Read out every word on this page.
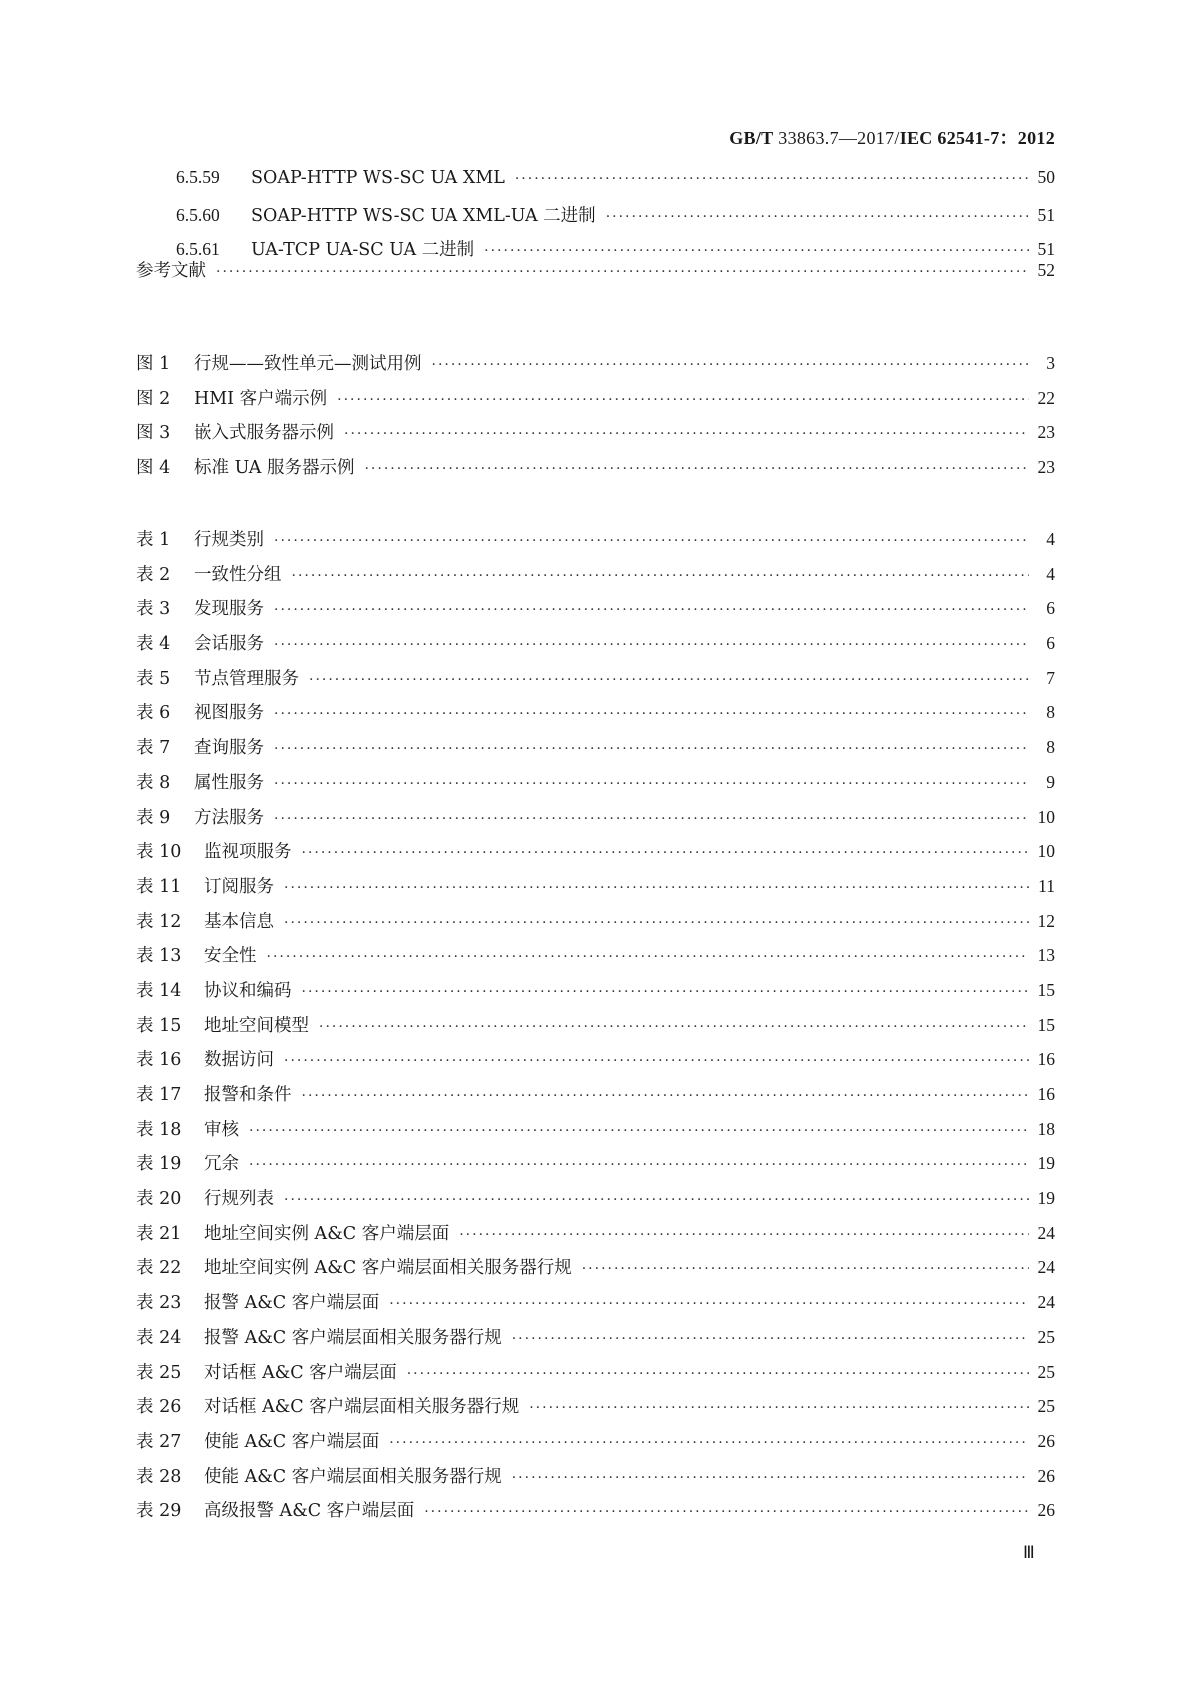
GB/T 33863.7—2017/IEC 62541-7：2012
6.5.59 SOAP-HTTP WS-SC UA XML ·····	50
6.5.60 SOAP-HTTP WS-SC UA XML-UA 二进制 ·····	51
6.5.61 UA-TCP UA-SC UA 二进制 ·····	51
参考文献 ·····	52
图 1 行规——致性单元—测试用例 ·····	3
图 2 HMI 客户端示例 ·····	22
图 3 嵌入式服务器示例 ·····	23
图 4 标准 UA 服务器示例 ·····	23
表 1 行规类别 ·····	4
表 2 一致性分组 ·····	4
表 3 发现服务 ·····	6
表 4 会话服务 ·····	6
表 5 节点管理服务 ·····	7
表 6 视图服务 ·····	8
表 7 查询服务 ·····	8
表 8 属性服务 ·····	9
表 9 方法服务 ·····	10
表 10 监视项服务 ·····	10
表 11 订阅服务 ·····	11
表 12 基本信息 ·····	12
表 13 安全性 ·····	13
表 14 协议和编码 ·····	15
表 15 地址空间模型 ·····	15
表 16 数据访问 ·····	16
表 17 报警和条件 ·····	16
表 18 审核 ·····	18
表 19 冗余 ·····	19
表 20 行规列表 ·····	19
表 21 地址空间实例 A&C 客户端层面 ·····	24
表 22 地址空间实例 A&C 客户端层面相关服务器行规 ·····	24
表 23 报警 A&C 客户端层面 ·····	24
表 24 报警 A&C 客户端层面相关服务器行规 ·····	25
表 25 对话框 A&C 客户端层面 ·····	25
表 26 对话框 A&C 客户端层面相关服务器行规 ·····	25
表 27 使能 A&C 客户端层面 ·····	26
表 28 使能 A&C 客户端层面相关服务器行规 ·····	26
表 29 高级报警 A&C 客户端层面 ·····	26
Ⅲ
